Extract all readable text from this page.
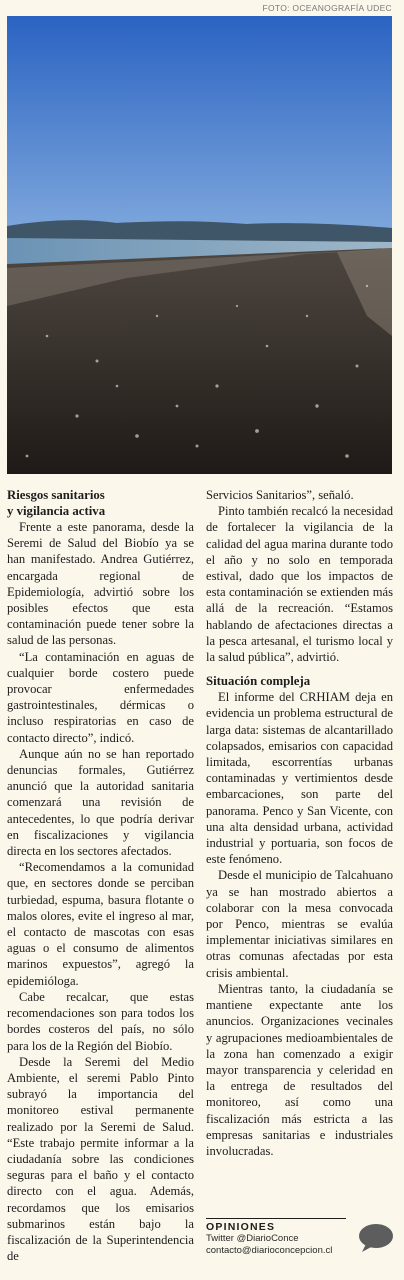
FOTO: OCEANOGRAFÍA UDEC
Riesgos sanitarios
y vigilancia activa

Frente a este panorama, desde la Seremi de Salud del Biobío ya se han manifestado. Andrea Gutiérrez, encargada regional de Epidemiología, advirtió sobre los posibles efectos que esta contaminación puede tener sobre la salud de las personas.

“La contaminación en aguas de cualquier borde costero puede provocar enfermedades gastrointestinales, dérmicas o incluso respiratorias en caso de contacto directo”, indicó.

Aunque aún no se han reportado denuncias formales, Gutiérrez anunció que la autoridad sanitaria comenzará una revisión de antecedentes, lo que podría derivar en fiscalizaciones y vigilancia directa en los sectores afectados.

“Recomendamos a la comunidad que, en sectores donde se perciban turbiedad, espuma, basura flotante o malos olores, evite el ingreso al mar, el contacto de mascotas con esas aguas o el consumo de alimentos marinos expuestos”, agregó la epidemióloga.

Cabe recalcar, que estas recomendaciones son para todos los bordes costeros del país, no sólo para los de la Región del Biobío.

Desde la Seremi del Medio Ambiente, el seremi Pablo Pinto subrayó la importancia del monitoreo estival permanente realizado por la Seremi de Salud. “Este trabajo permite informar a la ciudadanía sobre las condiciones seguras para el baño y el contacto directo con el agua. Además, recordamos que los emisarios submarinos están bajo la fiscalización de la Superintendencia de

Servicios Sanitarios”, señaló.

Pinto también recalcó la necesidad de fortalecer la vigilancia de la calidad del agua marina durante todo el año y no solo en temporada estival, dado que los impactos de esta contaminación se extienden más allá de la recreación. “Estamos hablando de afectaciones directas a la pesca artesanal, el turismo local y la salud pública”, advirtió.

Situación compleja

El informe del CRHIAM deja en evidencia un problema estructural de larga data: sistemas de alcantarillado colapsados, emisarios con capacidad limitada, escorrentías urbanas contaminadas y vertimientos desde embarcaciones, son parte del panorama. Penco y San Vicente, con una alta densidad urbana, actividad industrial y portuaria, son focos de este fenómeno.

Desde el municipio de Talcahuano ya se han mostrado abiertos a colaborar con la mesa convocada por Penco, mientras se evalúa implementar iniciativas similares en otras comunas afectadas por esta crisis ambiental.

Mientras tanto, la ciudadanía se mantiene expectante ante los anuncios. Organizaciones vecinales y agrupaciones medioambientales de la zona han comenzado a exigir mayor transparencia y celeridad en la entrega de resultados del monitoreo, así como una fiscalización más estricta a las empresas sanitarias e industriales involucradas.

OPINIONES
Twitter @DiarioConce
contacto@diarioconcepcion.cl
